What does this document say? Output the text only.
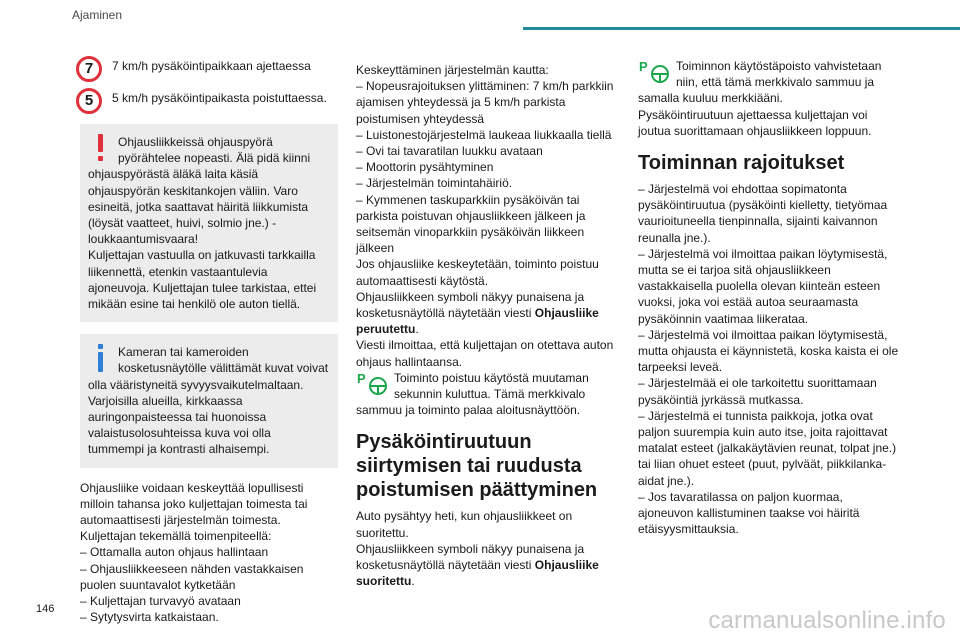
Ajaminen
7	7 km/h pysäköintipaikkaan ajettaessa

5	5 km/h pysäköintipaikasta poistuttaessa.

Ohjausliikkeissä ohjauspyörä
pyörähtelee nopeasti. Älä pidä kiinni ohjauspyörästä äläkä laita käsiä ohjauspyörän keskitankojen väliin. Varo esineitä, jotka saattavat häiritä liikkumista (löysät vaatteet, huivi, solmio jne.) - loukkaantumisvaara!
Kuljettajan vastuulla on jatkuvasti tarkkailla liikennettä, etenkin vastaantulevia ajoneuvoja. Kuljettajan tulee tarkistaa, ettei mikään esine tai henkilö ole auton tiellä.

Kameran tai kameroiden
kosketusnäytölle välittämät kuvat voivat olla vääristyneitä syvyysvaikutelmaltaan. Varjoisilla alueilla, kirkkaassa auringonpaisteessa tai huonoissa valaistusolosuhteissa kuva voi olla tummempi ja kontrasti alhaisempi.

Ohjausliike voidaan keskeyttää lopullisesti milloin tahansa joko kuljettajan toimesta tai automaattisesti järjestelmän toimesta.
Kuljettajan tekemällä toimenpiteellä:
– Ottamalla auton ohjaus hallintaan
– Ohjausliikkeeseen nähden vastakkaisen puolen suuntavalot kytketään
– Kuljettajan turvavyö avataan
– Sytytysvirta katkaistaan.

Keskeyttäminen järjestelmän kautta:
– Nopeusrajoituksen ylittäminen: 7 km/h parkkiin ajamisen yhteydessä ja 5 km/h parkista poistumisen yhteydessä
– Luistonestojärjestelmä laukeaa liukkaalla tiellä
– Ovi tai tavaratilan luukku avataan
– Moottorin pysähtyminen
– Järjestelmän toimintahäiriö.
– Kymmenen taskuparkkiin pysäköivän tai parkista poistuvan ohjausliikkeen jälkeen ja seitsemän vinoparkkiin pysäköivän liikkeen jälkeen
Jos ohjausliike keskeytetään, toiminto poistuu automaattisesti käytöstä.
Ohjausliikkeen symboli näkyy punaisena ja kosketusnäytöllä näytetään viesti Ohjausliike peruutettu.

Viesti ilmoittaa, että kuljettajan on otettava auton ohjaus hallintaansa.

P	Toiminto poistuu käytöstä muutaman sekunnin kuluttua. Tämä merkkivalo sammuu ja toiminto palaa aloitusnäyttöön.

Pysäköintiruutuun siirtymisen tai ruudusta poistumisen päättyminen

Auto pysähtyy heti, kun ohjausliikkeet on suoritettu.
Ohjausliikkeen symboli näkyy punaisena ja kosketusnäytöllä näytetään viesti Ohjausliike suoritettu.

P	Toiminnon käytöstäpoisto vahvistetaan niin, että tämä merkkivalo sammuu ja samalla kuuluu merkkiääni.

Pysäköintiruutuun ajettaessa kuljettajan voi joutua suorittamaan ohjausliikkeen loppuun.

Toiminnan rajoitukset

– Järjestelmä voi ehdottaa sopimatonta pysäköintiruutua (pysäköinti kielletty, tietyömaa vaurioituneella tienpinnalla, sijainti kaivannon reunalla jne.).
– Järjestelmä voi ilmoittaa paikan löytymisestä, mutta se ei tarjoa sitä ohjausliikkeen vastakkaisella puolella olevan kiinteän esteen vuoksi, joka voi estää autoa seuraamasta pysäköinnin vaatimaa liikerataa.
– Järjestelmä voi ilmoittaa paikan löytymisestä, mutta ohjausta ei käynnistetä, koska kaista ei ole tarpeeksi leveä.
– Järjestelmää ei ole tarkoitettu suorittamaan pysäköintiä jyrkässä mutkassa.
– Järjestelmä ei tunnista paikkoja, jotka ovat paljon suurempia kuin auto itse, joita rajoittavat matalat esteet (jalkakäytävien reunat, tolpat jne.) tai liian ohuet esteet (puut, pylväät, piikkilanka-aidat jne.).
– Jos tavaratilassa on paljon kuormaa, ajoneuvon kallistuminen taakse voi häiritä etäisyysmittauksia.

146	carmanualsonline.info
